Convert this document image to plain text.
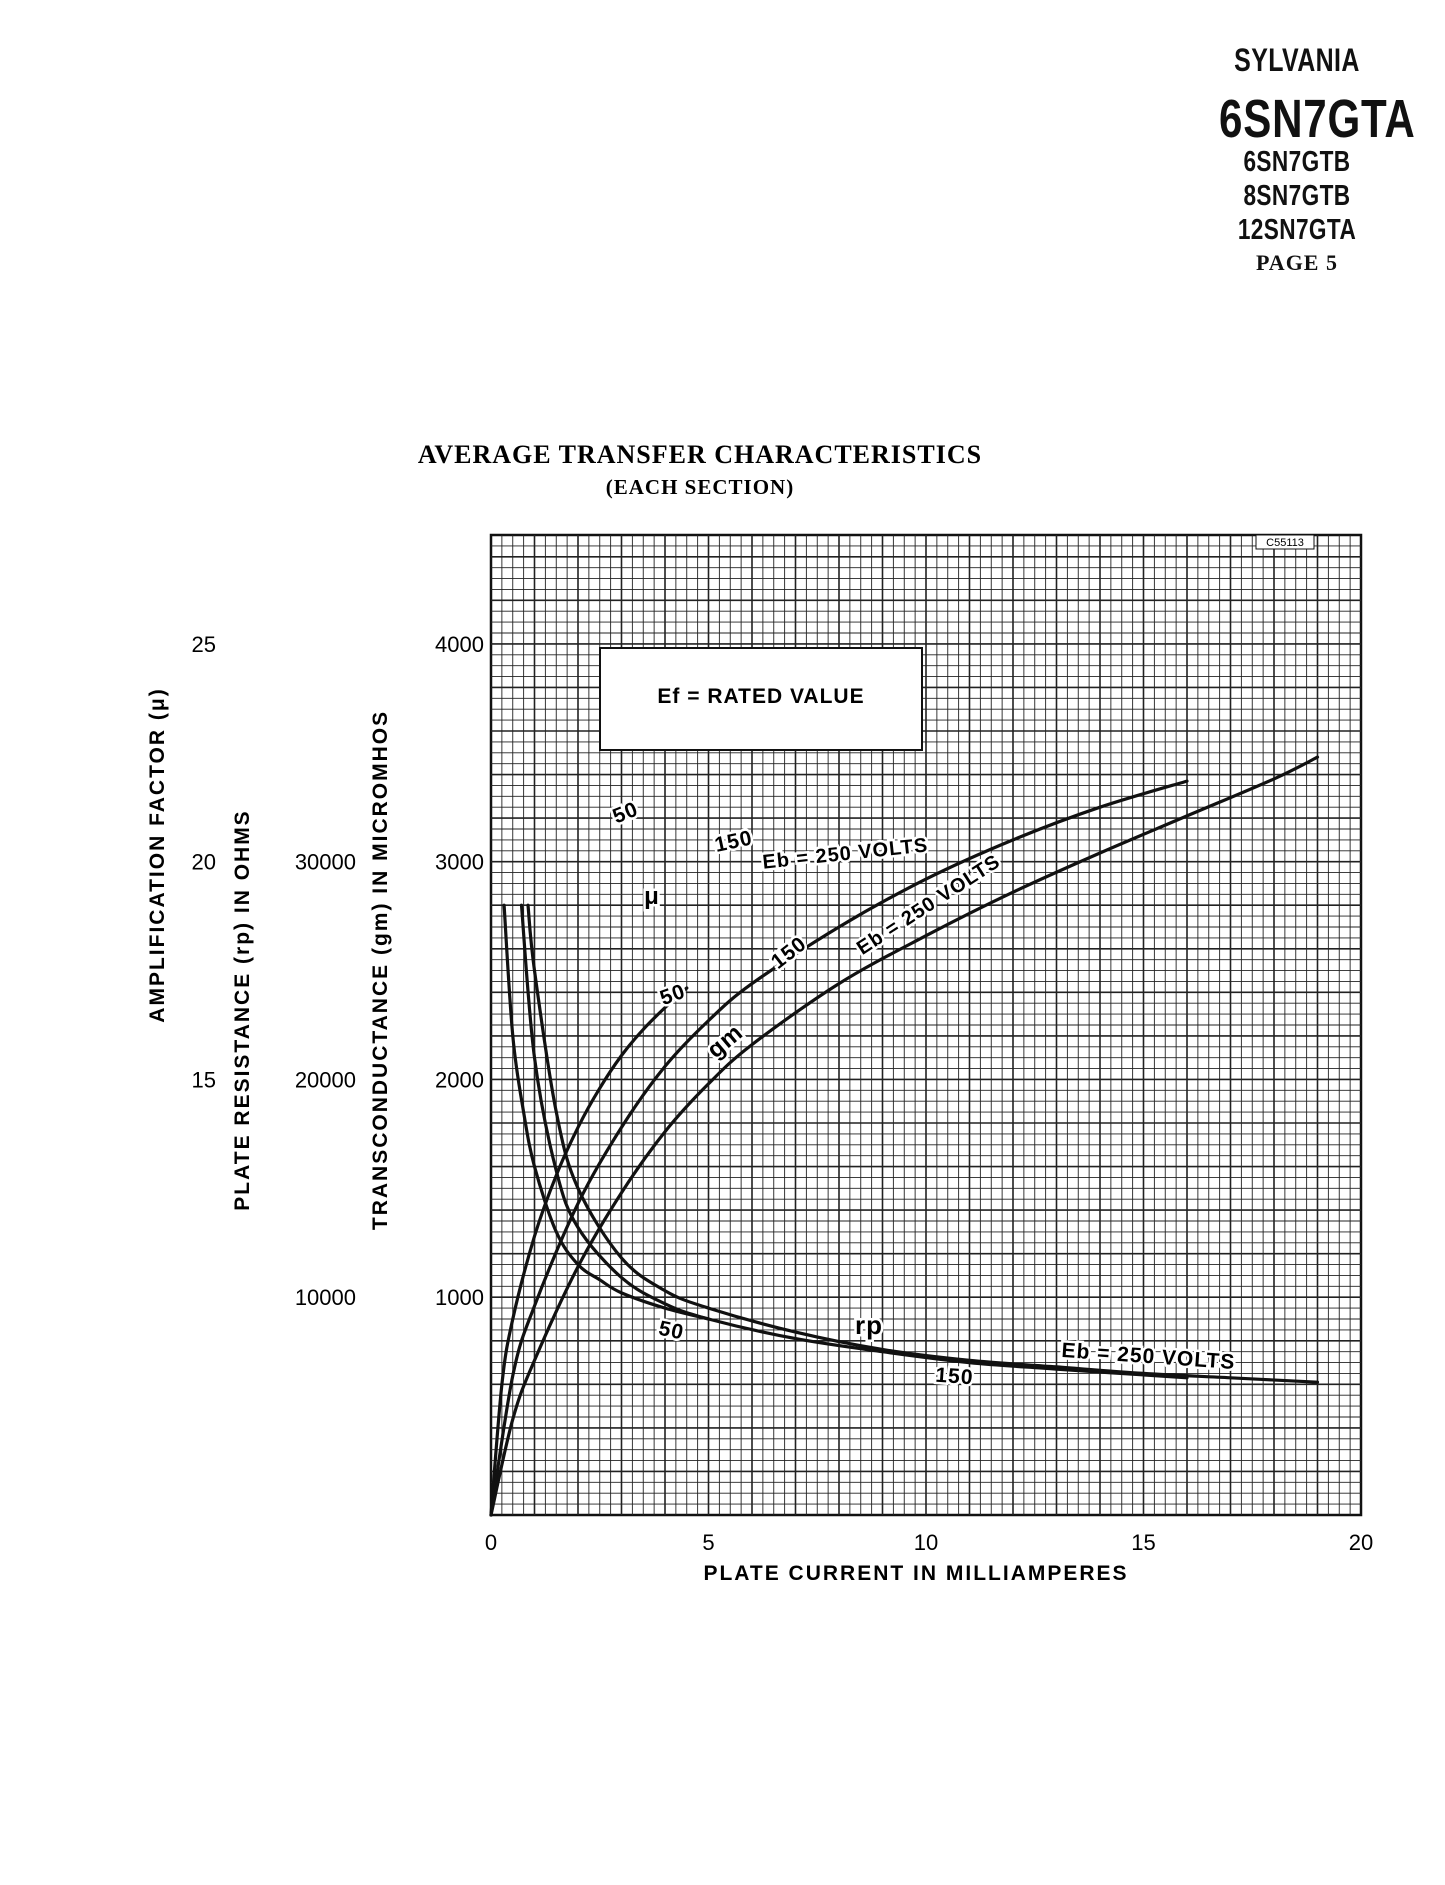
SYLVANIA
6SN7GTA
6SN7GTB
8SN7GTB
12SN7GTA
PAGE 5
AVERAGE TRANSFER CHARACTERISTICS
(EACH SECTION)
Ef = RATED VALUE
C55113
0	5	10	15	20
4000
3000
2000
1000
30000
20000
10000
25
20
15
PLATE CURRENT IN MILLIAMPERES
TRANSCONDUCTANCE (gm) IN MICROMHOS
PLATE RESISTANCE (rp) IN OHMS
AMPLIFICATION FACTOR (μ)	50
150 Eb = 250 VOLTS
μ
50
150 Eb = 250 VOLTS
gm
50
150
rp
Eb = 250 VOLTS
